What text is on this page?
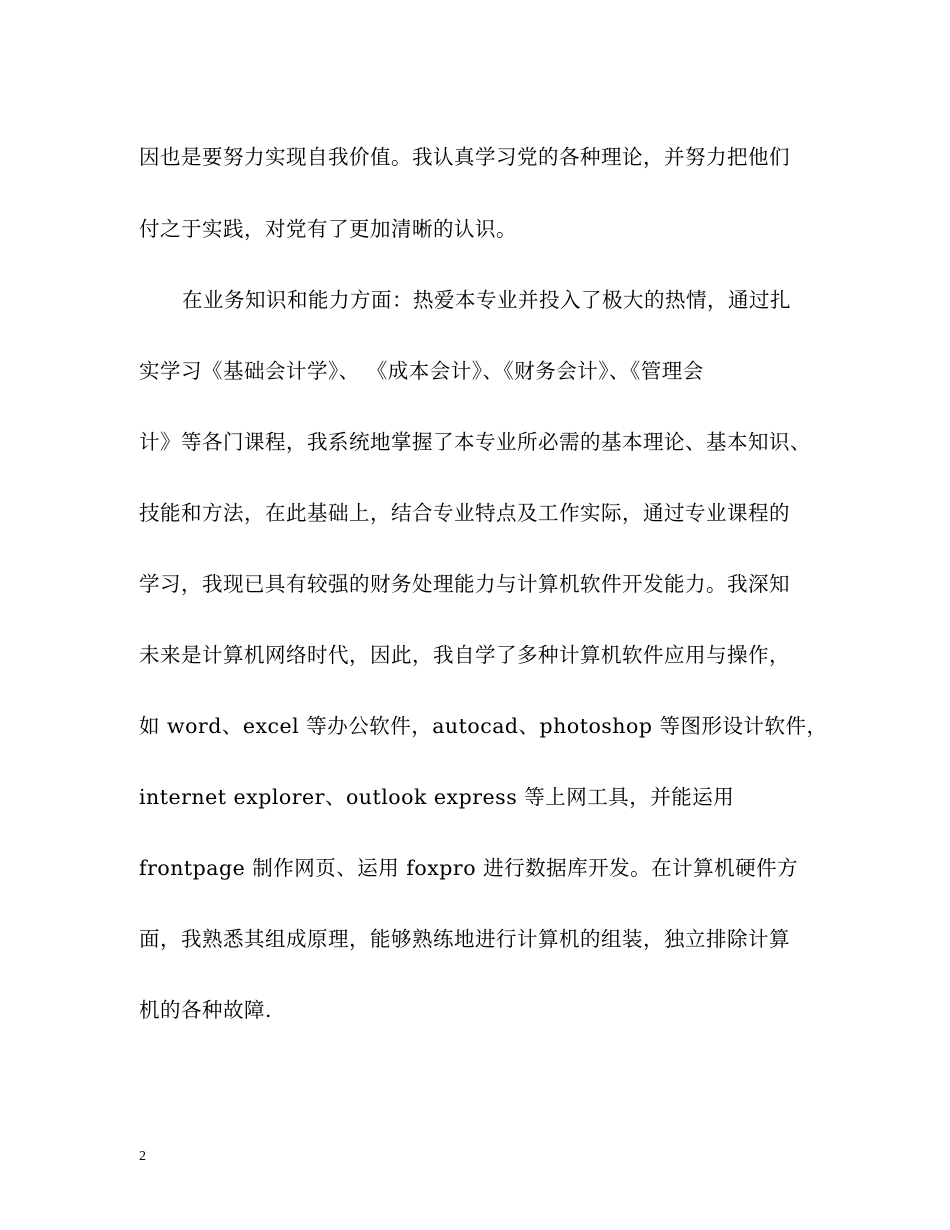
因也是要努力实现自我价值。我认真学习党的各种理论，并努力把他们
付之于实践，对党有了更加清晰的认识。
在业务知识和能力方面：热爱本专业并投入了极大的热情，通过扎
实学习《基础会计学》、 《成本会计》、《财务会计》、《管理会
计》等各门课程，我系统地掌握了本专业所必需的基本理论、基本知识、
技能和方法，在此基础上，结合专业特点及工作实际，通过专业课程的
学习，我现已具有较强的财务处理能力与计算机软件开发能力。我深知
未来是计算机网络时代，因此，我自学了多种计算机软件应用与操作，
如 word、excel 等办公软件，autocad、photoshop 等图形设计软件，
internet explorer、outlook express 等上网工具，并能运用
frontpage 制作网页、运用 foxpro 进行数据库开发。在计算机硬件方
面，我熟悉其组成原理，能够熟练地进行计算机的组装，独立排除计算
机的各种故障.
2
